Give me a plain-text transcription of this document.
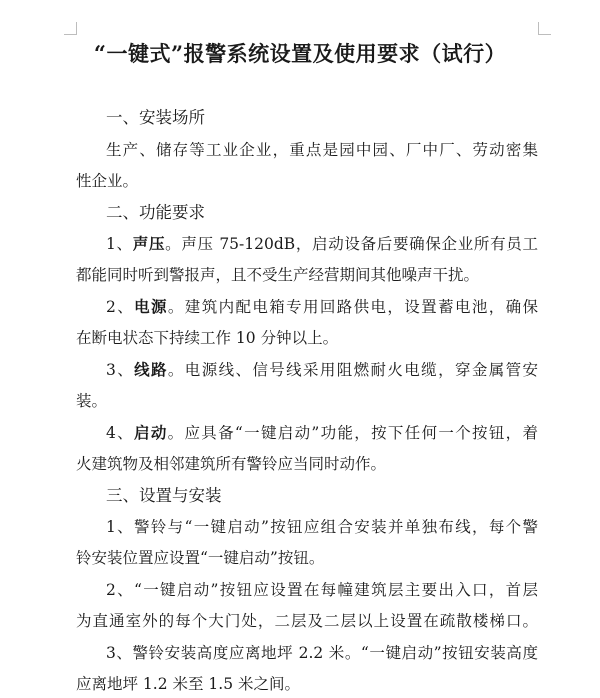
“一键式”报警系统设置及使用要求（试行）
一、安装场所
生产、储存等工业企业，重点是园中园、厂中厂、劳动密集
性企业。
二、功能要求
1、声压。声压 75-120dB，启动设备后要确保企业所有员工
都能同时听到警报声，且不受生产经营期间其他噪声干扰。
2、电源。建筑内配电箱专用回路供电，设置蓄电池，确保
在断电状态下持续工作 10 分钟以上。
3、线路。电源线、信号线采用阻燃耐火电缆，穿金属管安
装。
4、启动。应具备“一键启动”功能，按下任何一个按钮，着
火建筑物及相邻建筑所有警铃应当同时动作。
三、设置与安装
1、警铃与“一键启动”按钮应组合安装并单独布线，每个警
铃安装位置应设置“一键启动”按钮。
2、“一键启动”按钮应设置在每幢建筑层主要出入口，首层
为直通室外的每个大门处，二层及二层以上设置在疏散楼梯口。
3、警铃安装高度应离地坪 2.2 米。“一键启动”按钮安装高度
应离地坪 1.2 米至 1.5 米之间。
